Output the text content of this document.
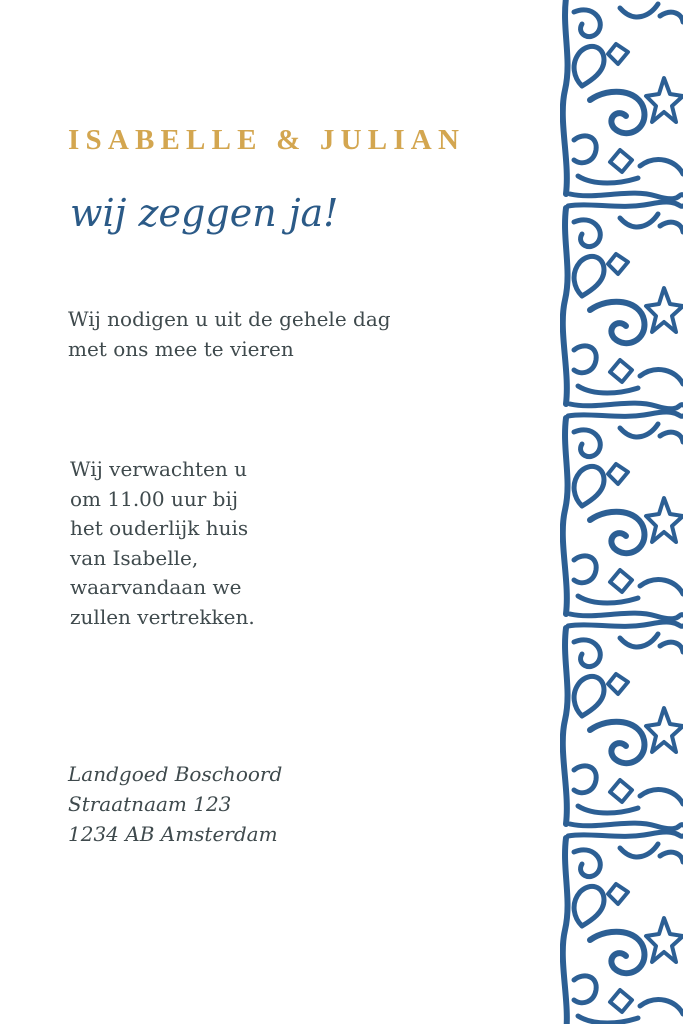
ISABELLE & JULIAN
wij zeggen ja!
Wij nodigen u uit de gehele dag
met ons mee te vieren
Wij verwachten u
om 11.00 uur bij
het ouderlijk huis
van Isabelle,
waarvandaan we
zullen vertrekken.
Landgoed Boschoord
Straatnaam 123
1234 AB Amsterdam
